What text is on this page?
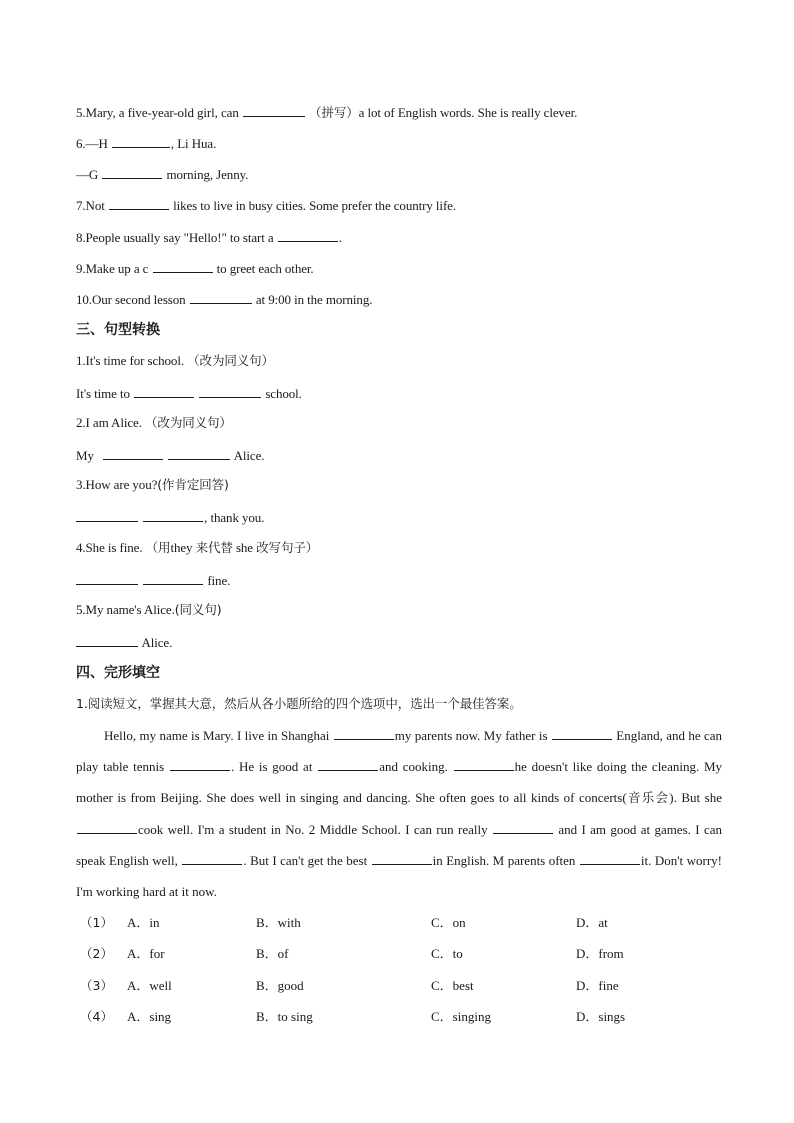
5.Mary, a five-year-old girl, can	（拼写）a lot of English words. She is really clever.
6.—H	, Li Hua.
—G	morning, Jenny.
7.Not	likes to live in busy cities. Some prefer the country life.
8.People usually say "Hello!" to start a	.
9.Make up a c	to greet each other.
10.Our second lesson	at 9:00 in the morning.
三、句型转换
1.It's time for school. （改为同义句）
It's time to	school.
2.I am Alice. （改为同义句）
My	Alice.
3.How are you?(作肯定回答)
, thank you.
4.She is fine. （用they 来代替 she 改写句子）
fine.
5.My name's Alice.(同义句)
Alice.
四、完形填空
1.阅读短文，掌握其大意，然后从各小题所给的四个选项中，选出一个最佳答案。
Hello, my name is Mary. I live in Shanghai	my parents now. My father is	England, and he can play table tennis	. He is good at	and cooking.	he doesn't like doing the cleaning. My mother is from Beijing. She does well in singing and dancing. She often goes to all kinds of concerts(音乐会). But she cook well. I'm a student in No. 2 Middle School. I can run really	and I am good at games. I can speak English well,	. But I can't get the best	in English. M parents often	it. Don't worry! I'm working hard at it now.
（1） A．in	B．with	C．on	D．at
（2） A．for	B．of	C．to	D．from
（3） A．well	B．good	C．best	D．fine
（4） A．sing	B．to sing	C．singing	D．sings
